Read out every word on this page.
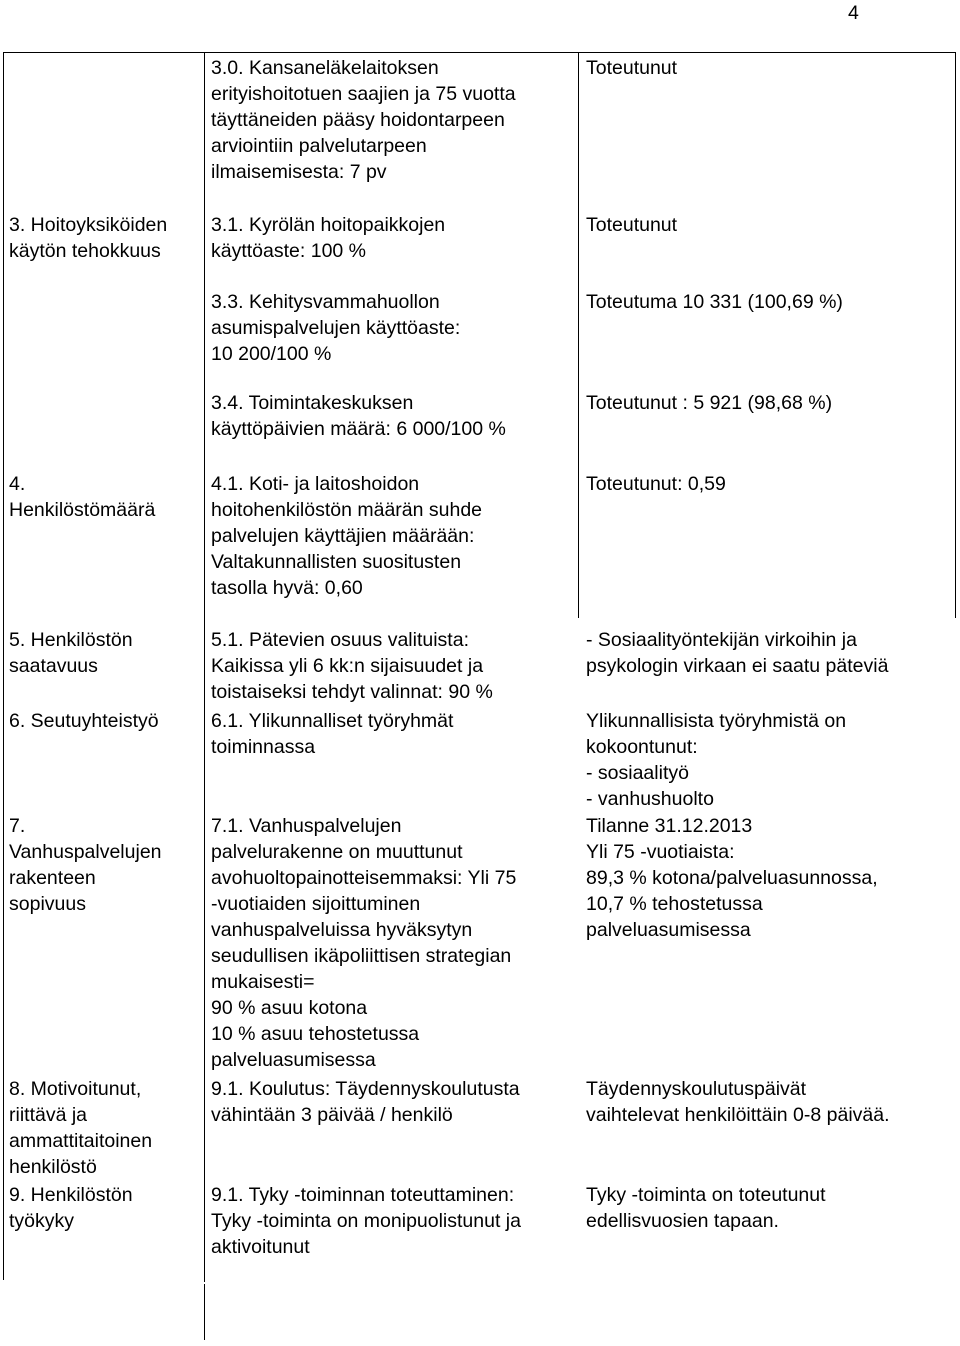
4
3.0. Kansaneläkelaitoksen
erityishoitotuen saajien ja 75 vuotta
täyttäneiden pääsy hoidontarpeen
arviointiin palvelutarpeen
ilmaisemisesta: 7 pv
Toteutunut
3. Hoitoyksiköiden
käytön tehokkuus
3.1. Kyrölän hoitopaikkojen
käyttöaste: 100 %
Toteutunut
3.3. Kehitysvammahuollon
asumispalvelujen käyttöaste:
10 200/100 %
Toteutuma 10 331 (100,69 %)
3.4. Toimintakeskuksen
käyttöpäivien määrä: 6 000/100 %
Toteutunut : 5 921 (98,68 %)
4.
Henkilöstömäärä
4.1. Koti- ja laitoshoidon
hoitohenkilöstön määrän suhde
palvelujen käyttäjien määrään:
Valtakunnallisten suositusten
tasolla hyvä: 0,60
Toteutunut: 0,59
5. Henkilöstön
saatavuus
5.1. Pätevien osuus valituista:
Kaikissa yli 6 kk:n sijaisuudet ja
toistaiseksi tehdyt valinnat: 90 %
- Sosiaalityöntekijän virkoihin ja
psykologin virkaan ei saatu päteviä
6. Seutuyhteistyö	6.1. Ylikunnalliset työryhmät
toiminnassa
Ylikunnallisista työryhmistä on
kokoontunut:
- sosiaalityö
- vanhushuolto
7.
Vanhuspalvelujen
rakenteen
sopivuus
7.1. Vanhuspalvelujen
palvelurakenne on muuttunut
avohuoltopainotteisemmaksi: Yli 75
-vuotiaiden sijoittuminen
vanhuspalveluissa hyväksytyn
seudullisen ikäpoliittisen strategian
mukaisesti=
90 % asuu kotona
10 % asuu tehostetussa
palveluasumisessa
Tilanne 31.12.2013
Yli 75 -vuotiaista:
89,3 % kotona/palveluasunnossa,
10,7 % tehostetussa
palveluasumisessa
8. Motivoitunut,
riittävä ja
ammattitaitoinen
henkilöstö
9.1. Koulutus: Täydennyskoulutusta
vähintään 3 päivää / henkilö
Täydennyskoulutuspäivät
vaihtelevat henkilöittäin 0-8 päivää.
9. Henkilöstön
työkyky
9.1. Tyky -toiminnan toteuttaminen:
Tyky -toiminta on monipuolistunut ja
aktivoitunut
Tyky -toiminta on toteutunut
edellisvuosien tapaan.
